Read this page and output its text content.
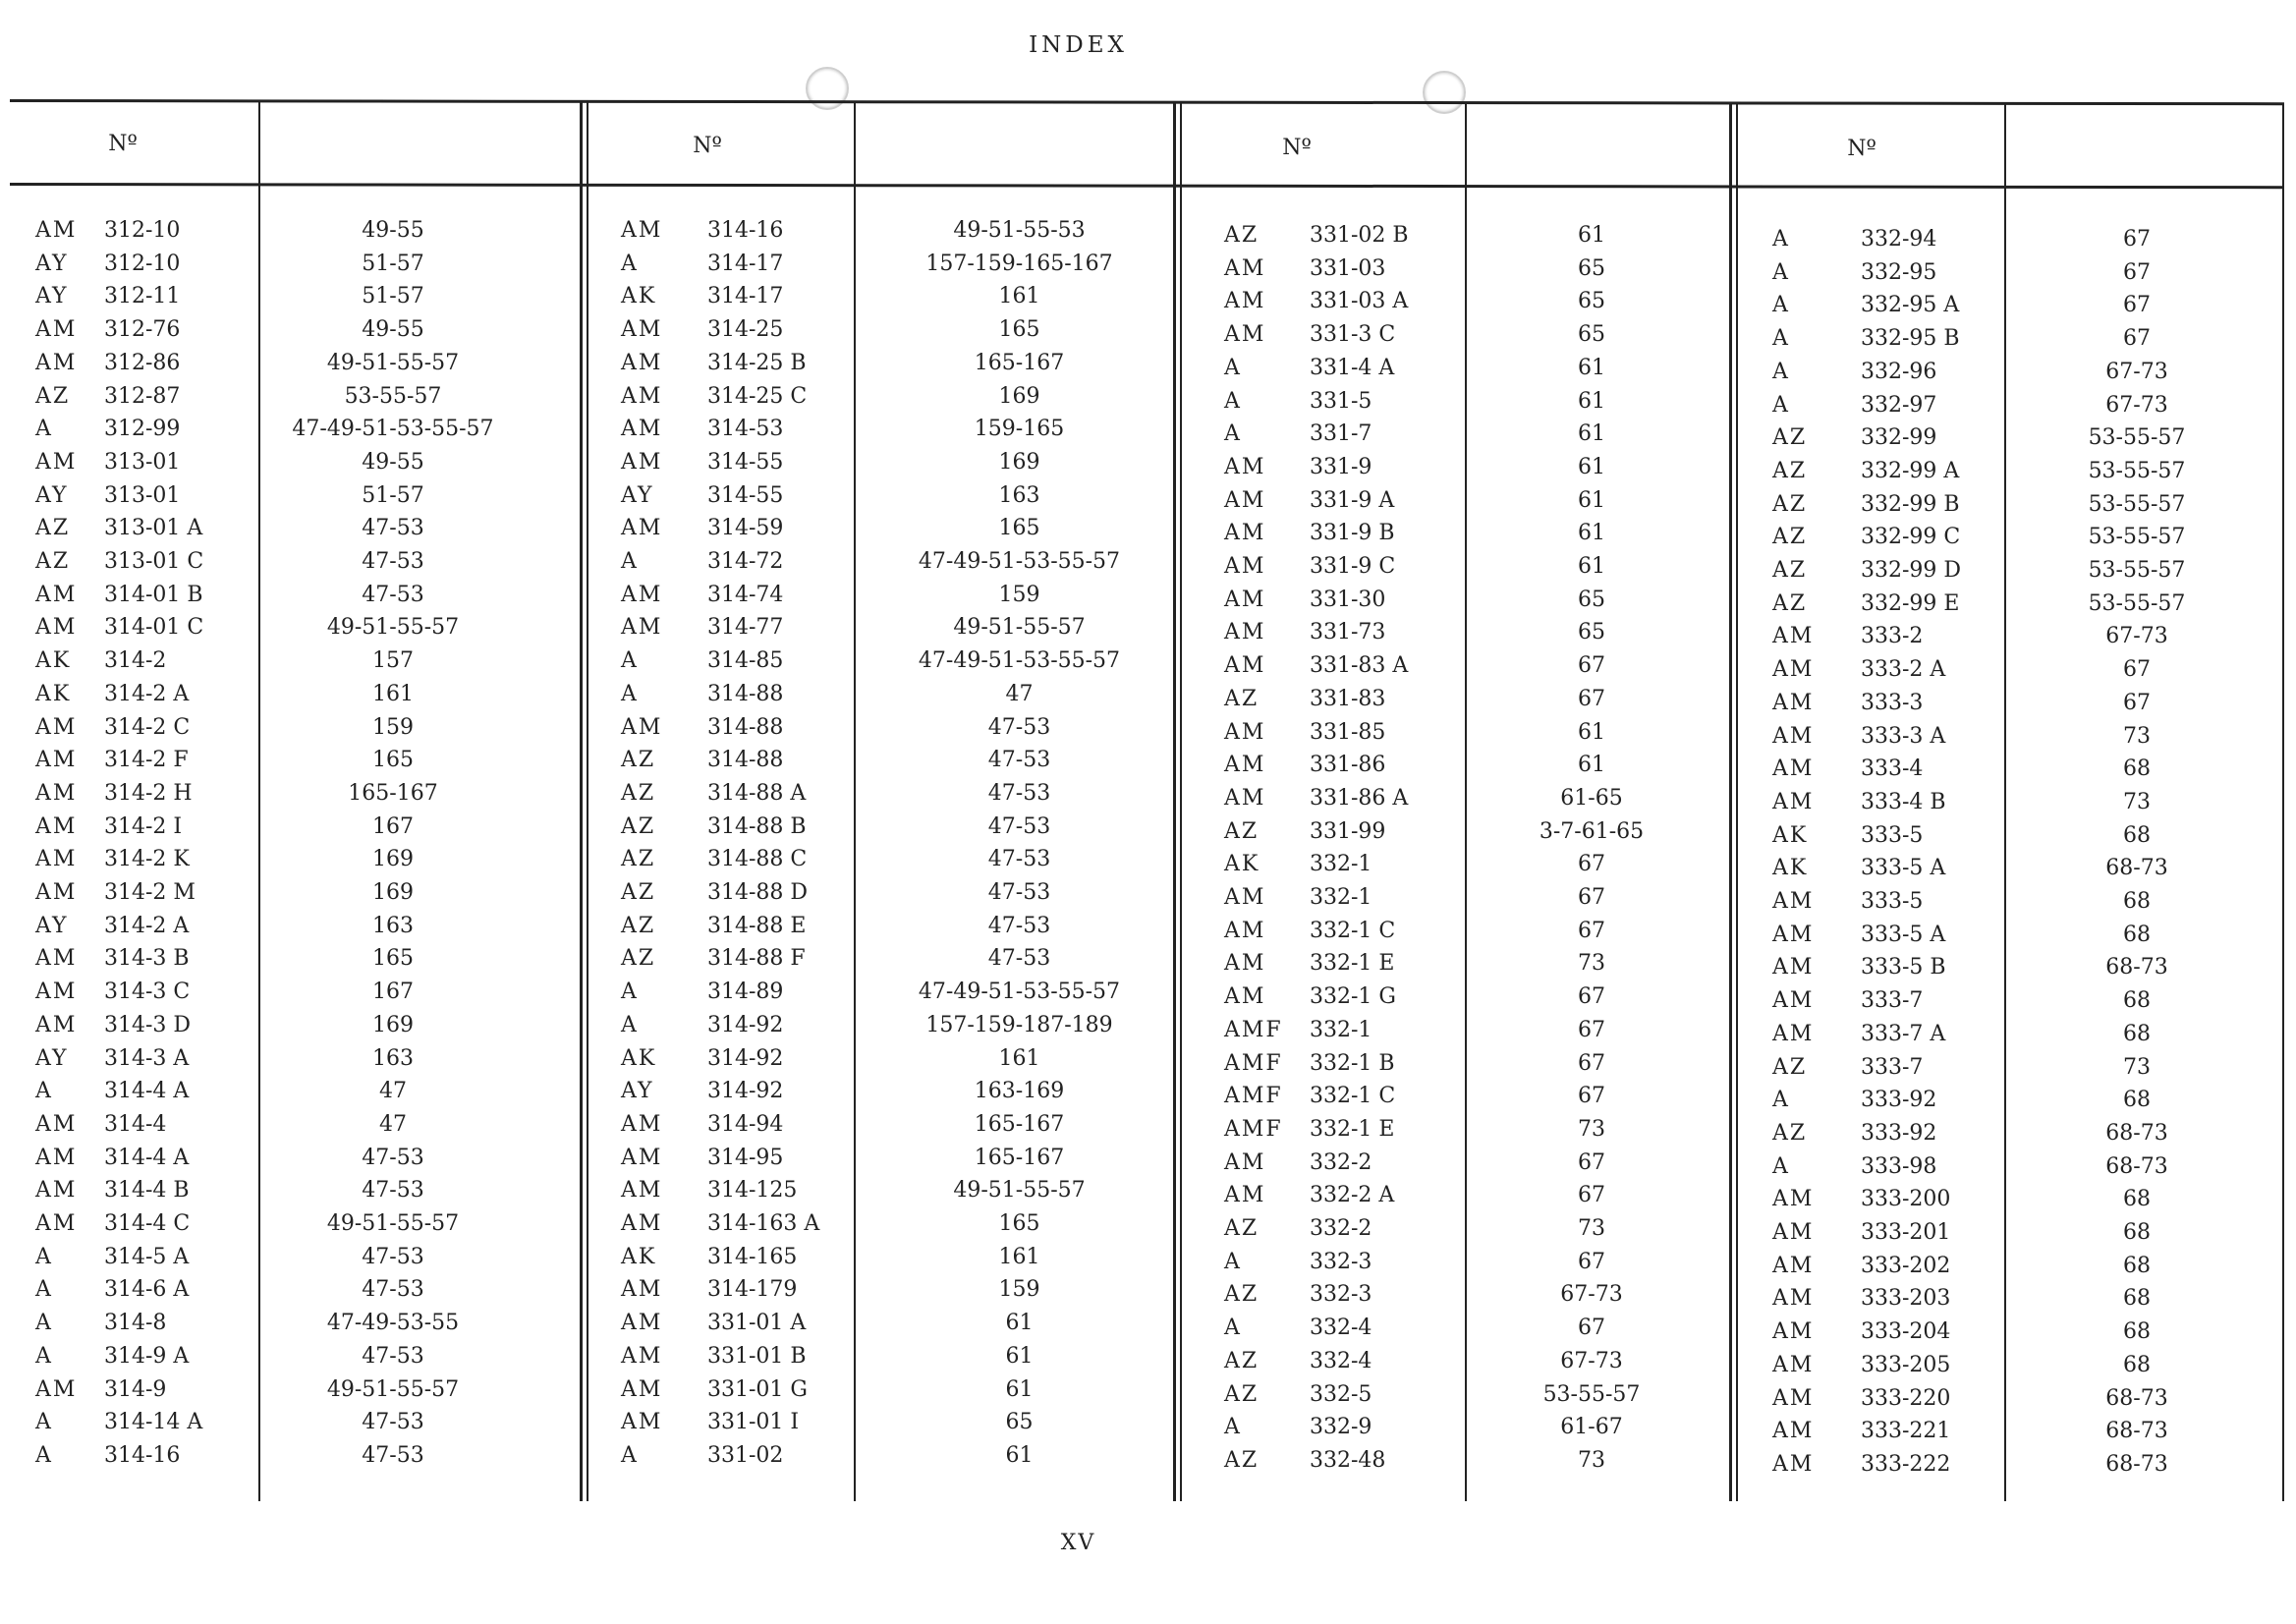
INDEX
Nº	Nº	Nº	Nº
XV
AM 312-10	49-55
AY 312-10	51-57
AY 312-11	51-57
AM 312-76	49-55
AM 312-86	49-51-55-57
AZ 312-87	53-55-57
A 312-99	47-49-51-53-55-57
AM 313-01	49-55
AY 313-01	51-57
AZ 313-01 A	47-53
AZ 313-01 C	47-53
AM 314-01 B	47-53
AM 314-01 C	49-51-55-57
AK 314-2	157
AK 314-2 A	161
AM 314-2 C	159
AM 314-2 F	165
AM 314-2 H	165-167
AM 314-2 I	167
AM 314-2 K	169
AM 314-2 M	169
AY 314-2 A	163
AM 314-3 B	165
AM 314-3 C	167
AM 314-3 D	169
AY 314-3 A	163
A 314-4 A	47
AM 314-4	47
AM 314-4 A	47-53
AM 314-4 B	47-53
AM 314-4 C	49-51-55-57
A 314-5 A	47-53
A 314-6 A	47-53
A 314-8	47-49-53-55
A 314-9 A	47-53
AM 314-9	49-51-55-57
A 314-14 A	47-53
A 314-16	47-53
AM 314-16	49-51-55-53
A	314-17	157-159-165-167
AK 314-17	161
AM 314-25	165
AM 314-25 B	165-167
AM 314-25 C	169
AM 314-53	159-165
AM 314-55	169
AY 314-55	163
AM 314-59	165
A	314-72	47-49-51-53-55-57
AM 314-74	159
AM 314-77	49-51-55-57
A	314-85	47-49-51-53-55-57
A	314-88	47
AM 314-88	47-53
AZ 314-88	47-53
AZ 314-88 A	47-53
AZ 314-88 B	47-53
AZ 314-88 C	47-53
AZ 314-88 D	47-53
AZ 314-88 E	47-53
AZ 314-88 F	47-53
A	314-89	47-49-51-53-55-57
A	314-92	157-159-187-189
AK 314-92	161
AY 314-92	163-169
AM 314-94	165-167
AM 314-95	165-167
AM 314-125	49-51-55-57
AM 314-163 A	165
AK 314-165	161
AM 314-179	159
AM 331-01 A	61
AM 331-01 B	61
AM 331-01 G	61
AM 331-01 I	65
A	331-02	61
AZ 331-02 B	61
AM 331-03	65
AM 331-03 A	65
AM 331-3 C	65
A	331-4 A	61
A	331-5	61
A	331-7	61
AM 331-9	61
AM 331-9 A	61
AM 331-9 B	61
AM 331-9 C	61
AM 331-30	65
AM 331-73	65
AM 331-83 A	67
AZ 331-83	67
AM 331-85	61
AM 331-86	61
AM 331-86 A	61-65
AZ 331-99	3-7-61-65
AK 332-1	67
AM 332-1	67
AM 332-1 C	67
AM 332-1 E	73
AM 332-1 G	67
AMF 332-1	67
AMF 332-1 B	67
AMF 332-1 C	67
AMF 332-1 E	73
AM 332-2	67
AM 332-2 A	67
AZ 332-2	73
A	332-3	67
AZ 332-3	67-73
A	332-4	67
AZ 332-4	67-73
AZ 332-5	53-55-57
A	332-9	61-67
AZ 332-48	73
A	332-94	67
A	332-95	67
A	332-95 A	67
A	332-95 B	67
A	332-96	67-73
A	332-97	67-73
AZ 332-99	53-55-57
AZ 332-99 A	53-55-57
AZ 332-99 B	53-55-57
AZ 332-99 C	53-55-57
AZ 332-99 D	53-55-57
AZ 332-99 E	53-55-57
AM 333-2	67-73
AM 333-2 A	67
AM 333-3	67
AM 333-3 A	73
AM 333-4	68
AM 333-4 B	73
AK 333-5	68
AK 333-5 A	68-73
AM 333-5	68
AM 333-5 A	68
AM 333-5 B	68-73
AM 333-7	68
AM 333-7 A	68
AZ 333-7	73
A	333-92	68
AZ 333-92	68-73
A	333-98	68-73
AM 333-200	68
AM 333-201	68
AM 333-202	68
AM 333-203	68
AM 333-204	68
AM 333-205	68
AM 333-220	68-73
AM 333-221	68-73
AM 333-222	68-73
